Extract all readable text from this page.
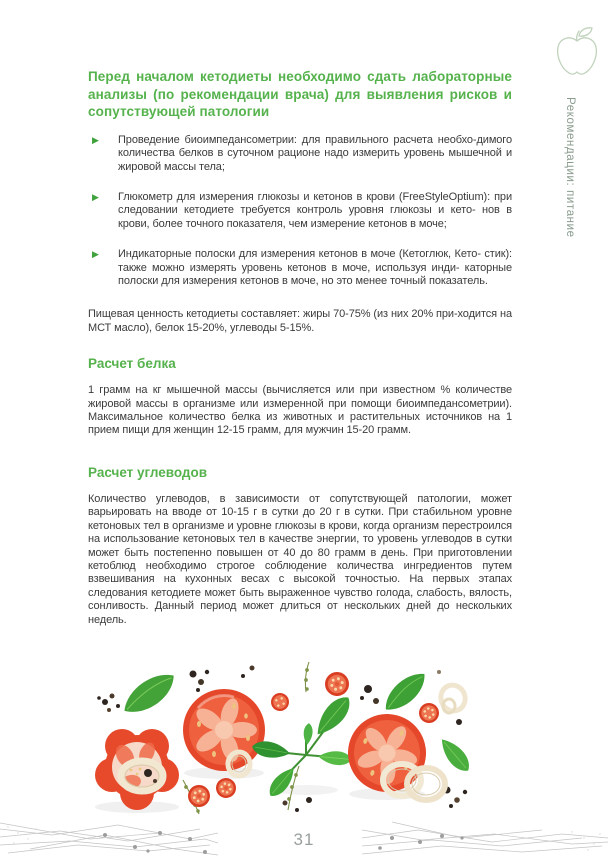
Рекомендации: питание
Перед началом кетодиеты необходимо сдать лабораторные анализы (по рекомендации врача) для выявления рисков и сопутствующей патологии
▶	Проведение биоимпедансометрии: для правильного расчета необхо-димого количества белков в суточном рационе надо измерить уровень мышечной и жировой массы тела;
▶	Глюкометр для измерения глюкозы и кетонов в крови (FreeStyleOptium): при следовании кетодиете требуется контроль уровня глюкозы и кето- нов в крови, более точного показателя, чем измерение кетонов в моче;
▶	Индикаторные полоски для измерения кетонов в моче (Кетоглюк, Кето- стик): также можно измерять уровень кетонов в моче, используя инди- каторные полоски для измерения кетонов в моче, но это менее точный показатель.

Пищевая ценность кетодиеты составляет: жиры 70-75% (из них 20% при-ходится на МСТ масло), белок 15-20%, углеводы 5-15%.

Расчет белка

1 грамм на кг мышечной массы (вычисляется или при известном % количестве жировой массы в организме или измеренной при помощи биоимпедансометрии). Максимальное количество белка из животных и растительных источников на 1 прием пищи для женщин 12-15 грамм, для мужчин 15-20 грамм.

Расчет углеводов

Количество углеводов, в зависимости от сопутствующей патологии, может варьировать на вводе от 10-15 г в сутки до 20 г в сутки. При стабильном уровне кетоновых тел в организме и уровне глюкозы в крови, когда организм перестроился на использование кетоновых тел в качестве энергии, то уровень углеводов в сутки может быть постепенно повышен от 40 до 80 грамм в день. При приготовлении кетоблюд необходимо строгое соблюдение количества ингредиентов путем взвешивания на кухонных весах с высокой точностью. На первых этапах следования кетодиете может быть выраженное чувство голода, слабость, вялость, сонливость. Данный период может длиться от нескольких дней до нескольких недель.

31
